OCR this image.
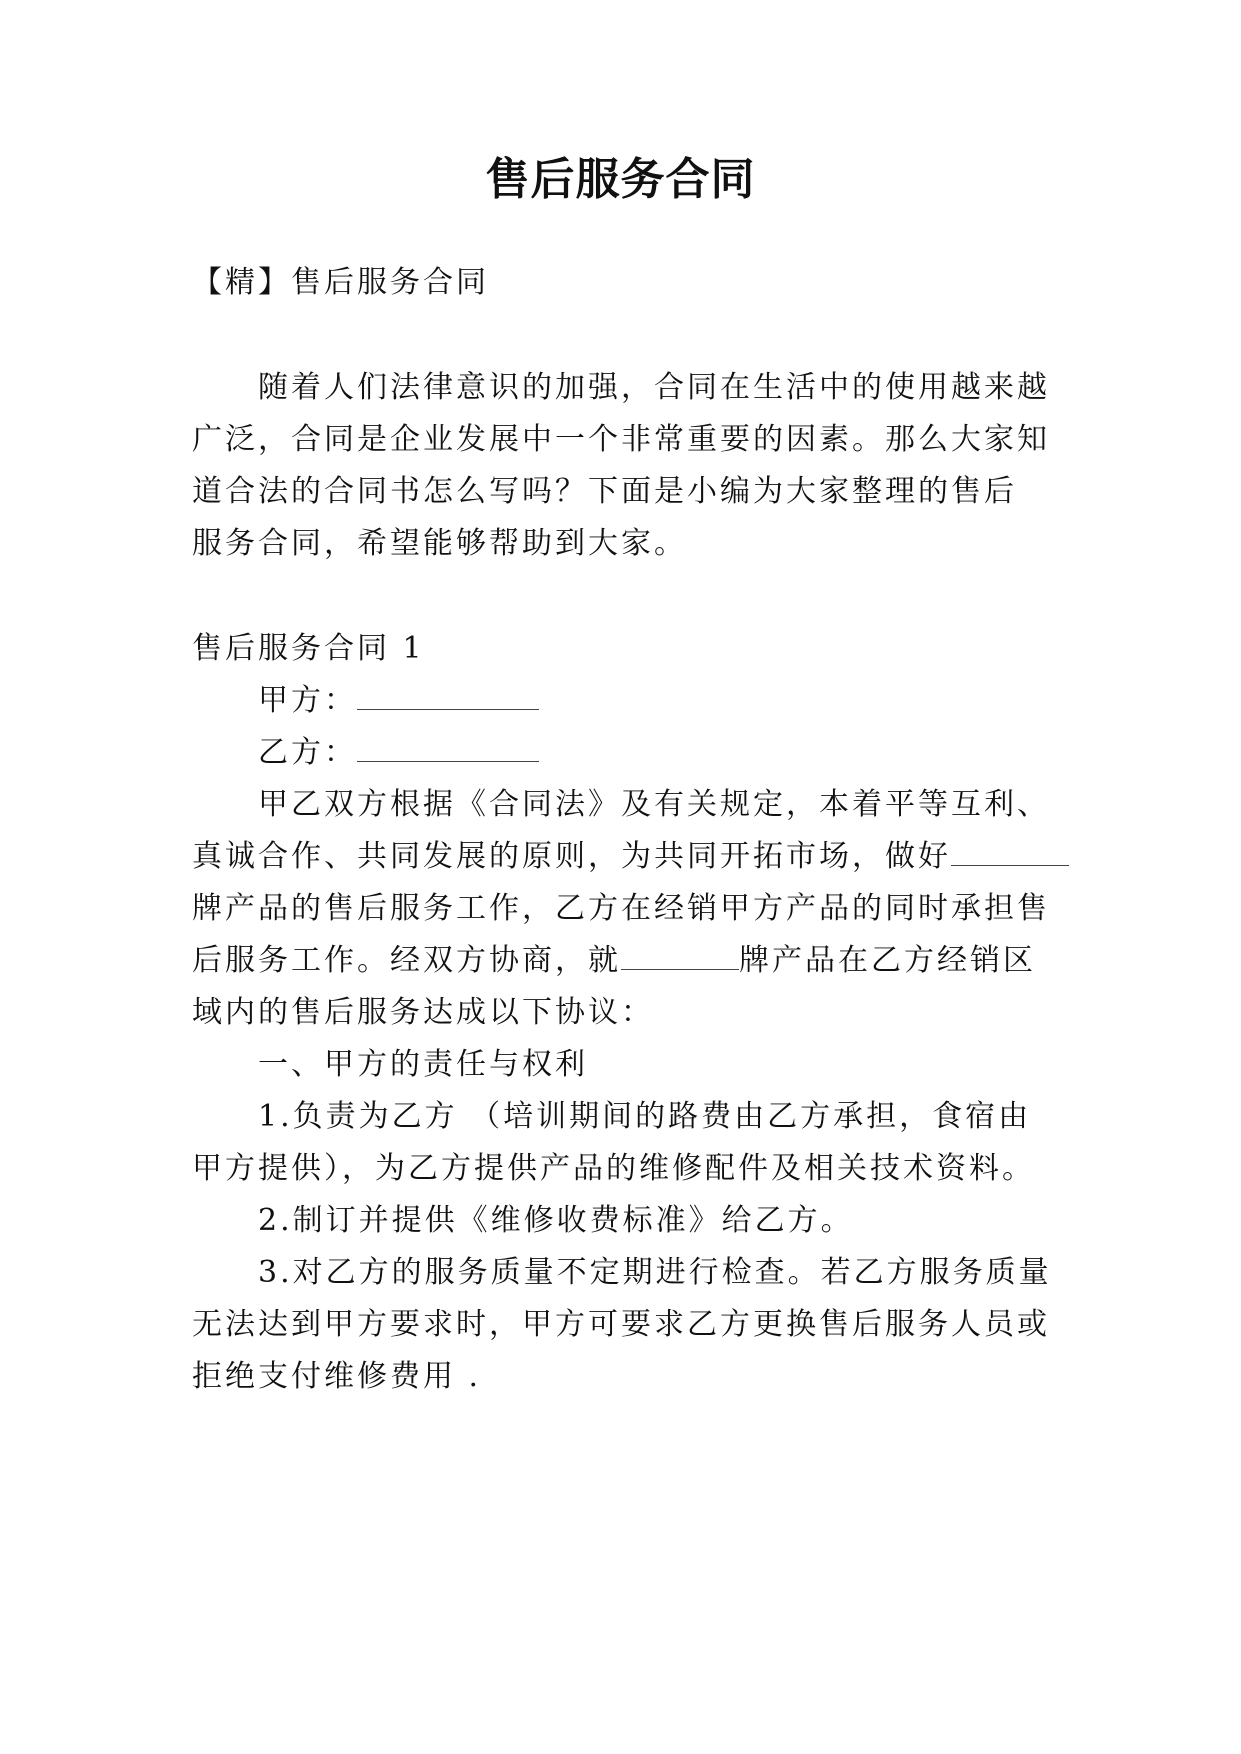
售后服务合同
【精】售后服务合同
随着人们法律意识的加强，合同在生活中的使用越来越
广泛，合同是企业发展中一个非常重要的因素。那么大家知
道合法的合同书怎么写吗？下面是小编为大家整理的售后
服务合同，希望能够帮助到大家。
售后服务合同 1
甲方：
乙方：
甲乙双方根据《合同法》及有关规定，本着平等互利、
真诚合作、共同发展的原则，为共同开拓市场，做好
牌产品的售后服务工作，乙方在经销甲方产品的同时承担售
后服务工作。经双方协商，就	牌产品在乙方经销区
域内的售后服务达成以下协议：
一、甲方的责任与权利
1.负责为乙方 （培训期间的路费由乙方承担，食宿由
甲方提供），为乙方提供产品的维修配件及相关技术资料。
2.制订并提供《维修收费标准》给乙方。
3.对乙方的服务质量不定期进行检查。若乙方服务质量
无法达到甲方要求时，甲方可要求乙方更换售后服务人员或
拒绝支付维修费用 .
